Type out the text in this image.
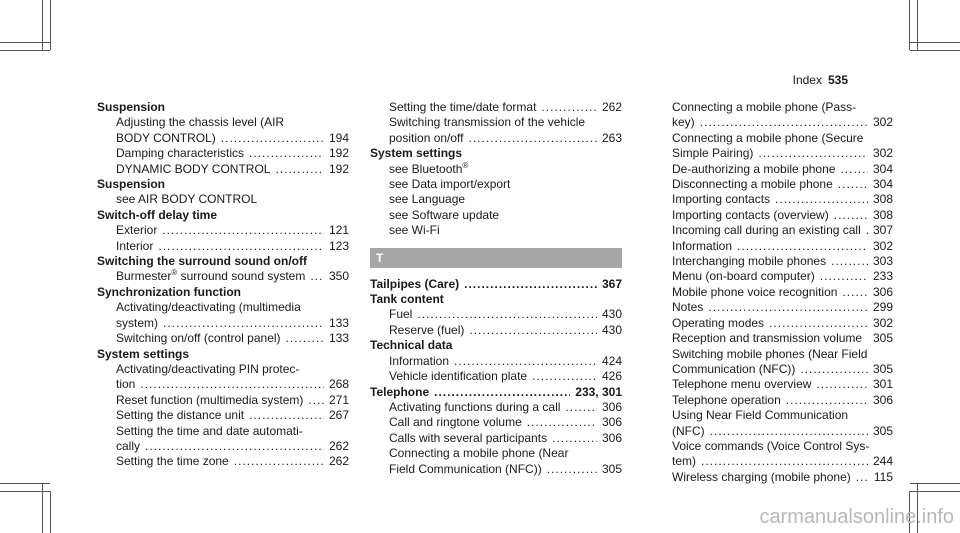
Index 535
Suspension
Adjusting the chassis level (AIR
BODY CONTROL) .....	194
Damping characteristics .....	192
DYNAMIC BODY CONTROL .....	192
Suspension
see AIR BODY CONTROL
Switch-off delay time
Exterior .....	121
Interior .....	123
Switching the surround sound on/off
Burmester® surround sound system ..... 350
Synchronization function
Activating/deactivating (multimedia
system) .....	133
Switching on/off (control panel) .....	133
System settings
Activating/deactivating PIN protec-
tion .....	268
Reset function (multimedia system) ..... 271
Setting the distance unit .....	267
Setting the time and date automati-
cally .....	262
Setting the time zone .....	262
Setting the time/date format .....	262
Switching transmission of the vehicle
position on/off .....	263
System settings
see Bluetooth®
see Data import/export
see Language
see Software update
see Wi-Fi
T
Tailpipes (Care) .....	367
Tank content
Fuel .....	430
Reserve (fuel) .....	430
Technical data
Information .....	424
Vehicle identification plate .....	426
Telephone .....	233, 301
Activating functions during a call .....	306
Call and ringtone volume .....	306
Calls with several participants .....	306
Connecting a mobile phone (Near
Field Communication (NFC)) .....	305
Connecting a mobile phone (Pass-
key) .....	302
Connecting a mobile phone (Secure
Simple Pairing) .....	302
De-authorizing a mobile phone .....	304
Disconnecting a mobile phone .....	304
Importing contacts .....	308
Importing contacts (overview) .....	308
Incoming call during an existing call ..... 307
Information .....	302
Interchanging mobile phones .....	303
Menu (on-board computer) .....	233
Mobile phone voice recognition .....	306
Notes .....	299
Operating modes .....	302
Reception and transmission volume ..... 305
Switching mobile phones (Near Field
Communication (NFC)) .....	305
Telephone menu overview .....	301
Telephone operation .....	306
Using Near Field Communication
(NFC) .....	305
Voice commands (Voice Control Sys-
tem) .....	244
Wireless charging (mobile phone) ..... 115
carmanualsonline.info
